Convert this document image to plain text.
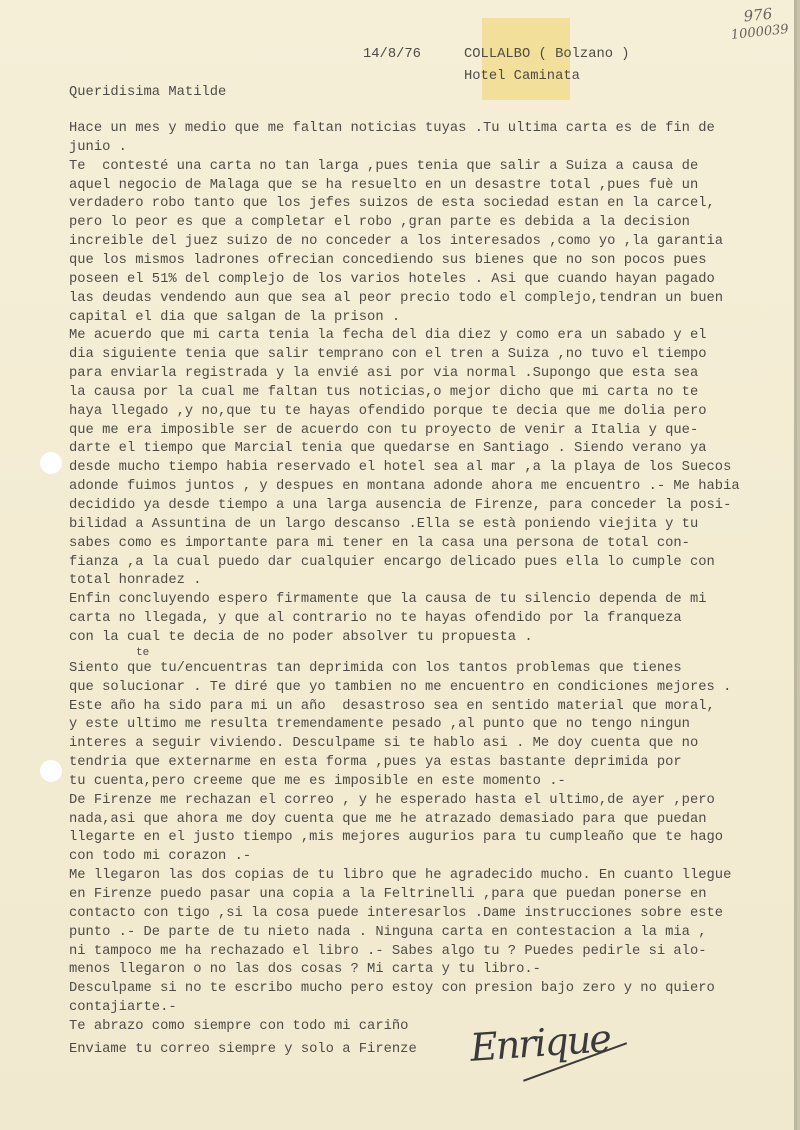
976
1000039
14/8/76	COLLALBO ( Bolzano )
Hotel Caminata
Queridisima Matilde
Hace un mes y medio que me faltan noticias tuyas .Tu ultima carta es de fin de
junio .
Te  contesté una carta no tan larga ,pues tenia que salir a Suiza a causa de
aquel negocio de Malaga que se ha resuelto en un desastre total ,pues fuè un
verdadero robo tanto que los jefes suizos de esta sociedad estan en la carcel,
pero lo peor es que a completar el robo ,gran parte es debida a la decision
increible del juez suizo de no conceder a los interesados ,como yo ,la garantia
que los mismos ladrones ofrecian concediendo sus bienes que no son pocos pues
poseen el 51% del complejo de los varios hoteles . Asi que cuando hayan pagado
las deudas vendendo aun que sea al peor precio todo el complejo,tendran un buen
capital el dia que salgan de la prison .
Me acuerdo que mi carta tenia la fecha del dia diez y como era un sabado y el
dia siguiente tenia que salir temprano con el tren a Suiza ,no tuvo el tiempo
para enviarla registrada y la envié asi por via normal .Supongo que esta sea
la causa por la cual me faltan tus noticias,o mejor dicho que mi carta no te
haya llegado ,y no,que tu te hayas ofendido porque te decia que me dolia pero
que me era imposible ser de acuerdo con tu proyecto de venir a Italia y que-
darte el tiempo que Marcial tenia que quedarse en Santiago . Siendo verano ya
desde mucho tiempo habia reservado el hotel sea al mar ,a la playa de los Suecos
adonde fuimos juntos , y despues en montana adonde ahora me encuentro .- Me habia
decidido ya desde tiempo a una larga ausencia de Firenze, para conceder la posi-
bilidad a Assuntina de un largo descanso .Ella se està poniendo viejita y tu
sabes como es importante para mi tener en la casa una persona de total con-
fianza ,a la cual puedo dar cualquier encargo delicado pues ella lo cumple con
total honradez .
Enfin concluyendo espero firmamente que la causa de tu silencio dependa de mi
carta no llegada, y que al contrario no te hayas ofendido por la franqueza
con la cual te decia de no poder absolver tu propuesta .
Siento que tu/encuentras tan deprimida con los tantos problemas que tienes
que solucionar . Te diré que yo tambien no me encuentro en condiciones mejores .
Este año ha sido para mi un año  desastroso sea en sentido material que moral,
y este ultimo me resulta tremendamente pesado ,al punto que no tengo ningun
interes a seguir viviendo. Desculpame si te hablo asi . Me doy cuenta que no
tendria que externarme en esta forma ,pues ya estas bastante deprimida por
tu cuenta,pero creeme que me es imposible en este momento .-
De Firenze me rechazan el correo , y he esperado hasta el ultimo,de ayer ,pero
nada,asi que ahora me doy cuenta que me he atrazado demasiado para que puedan
llegarte en el justo tiempo ,mis mejores augurios para tu cumpleaño que te hago
con todo mi corazon .-
Me llegaron las dos copias de tu libro que he agradecido mucho. En cuanto llegue
en Firenze puedo pasar una copia a la Feltrinelli ,para que puedan ponerse en
contacto con tigo ,si la cosa puede interesarlos .Dame instrucciones sobre este
punto .- De parte de tu nieto nada . Ninguna carta en contestacion a la mia ,
ni tampoco me ha rechazado el libro .- Sabes algo tu ? Puedes pedirle si alo-
menos llegaron o no las dos cosas ? Mi carta y tu libro.-
Desculpame si no te escribo mucho pero estoy con presion bajo zero y no quiero
contajiarte.-
Te abrazo como siempre con todo mi cariño
Enviame tu correo siempre y solo a Firenze
te
Enrique
